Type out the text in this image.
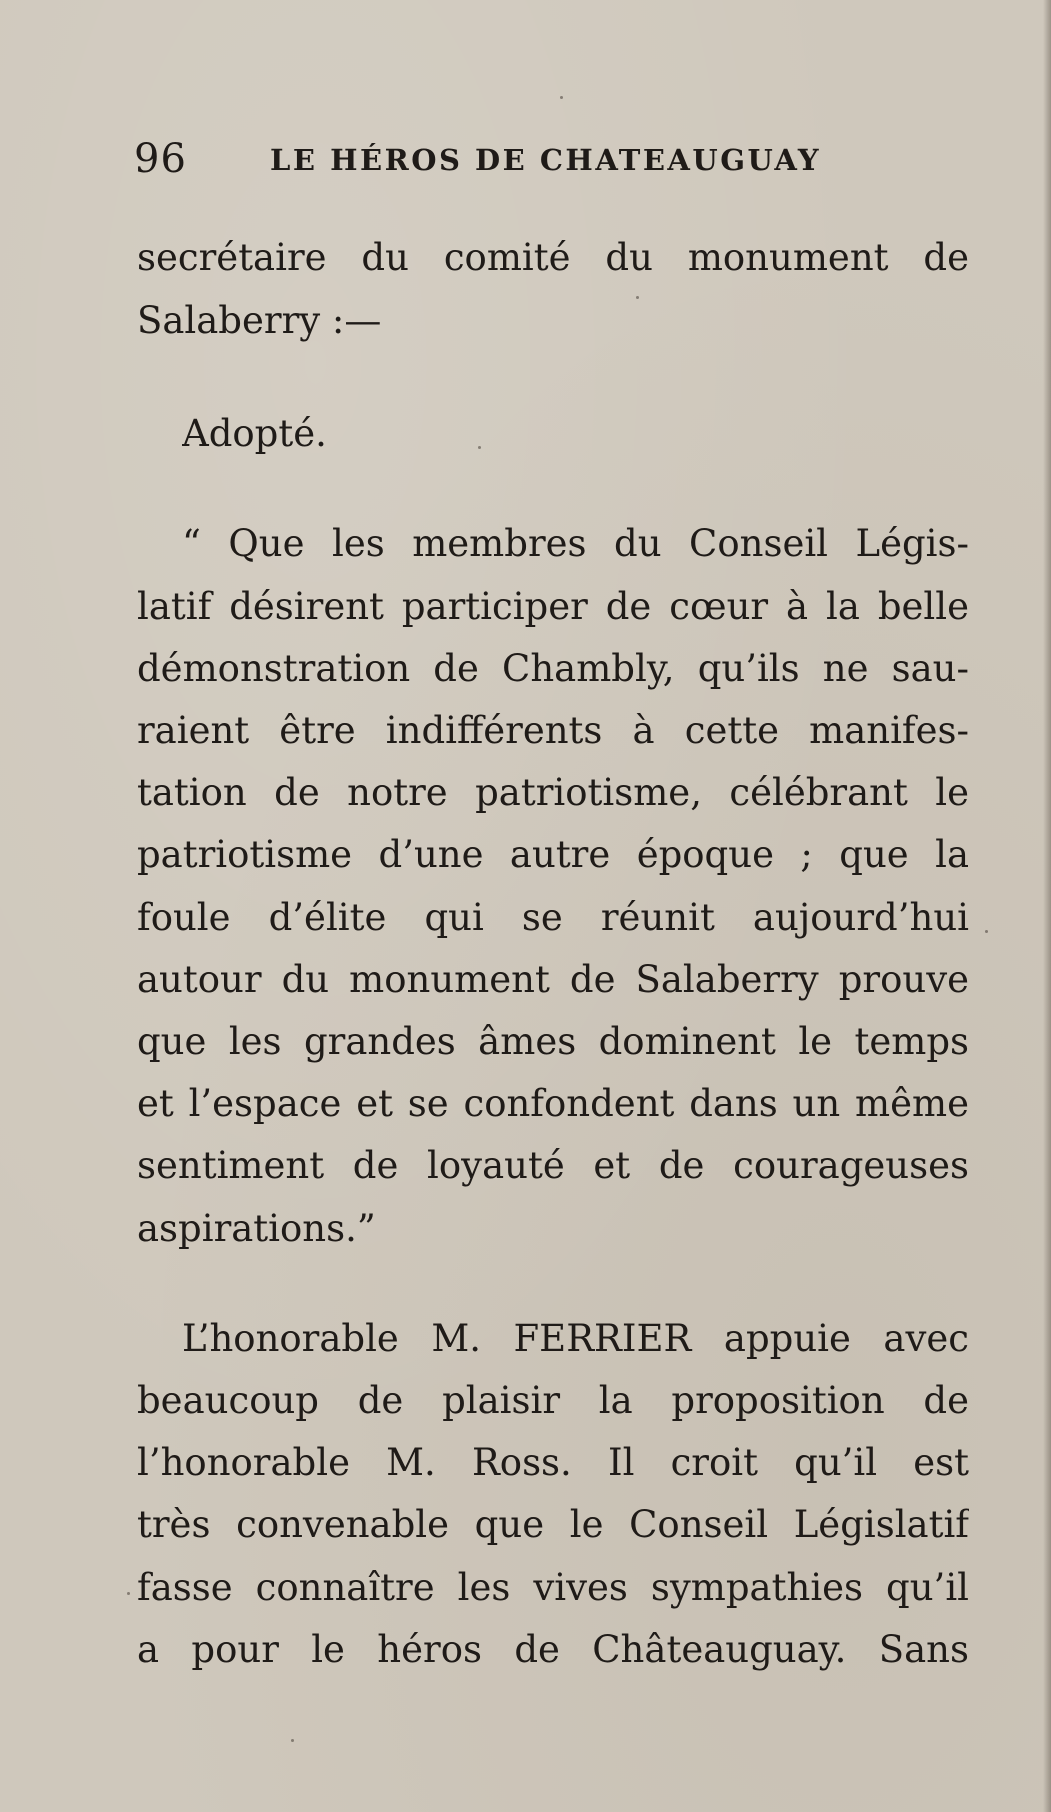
96	LE HÉROS DE CHATEAUGUAY
secrétaire du comité du monument de
Salaberry :—
Adopté.
“ Que les membres du Conseil Légis-
latif désirent participer de cœur à la belle
démonstration de Chambly, qu’ils ne sau-
raient être indifférents à cette manifes-
tation de notre patriotisme, célébrant le
patriotisme d’une autre époque ; que la
foule d’élite qui se réunit aujourd’hui
autour du monument de Salaberry prouve
que les grandes âmes dominent le temps
et l’espace et se confondent dans un même
sentiment de loyauté et de courageuses
aspirations.”
L’honorable M. FERRIER appuie avec
beaucoup de plaisir la proposition de
l’honorable M. Ross. Il croit qu’il est
très convenable que le Conseil Législatif
fasse connaître les vives sympathies qu’il
a pour le héros de Châteauguay. Sans
